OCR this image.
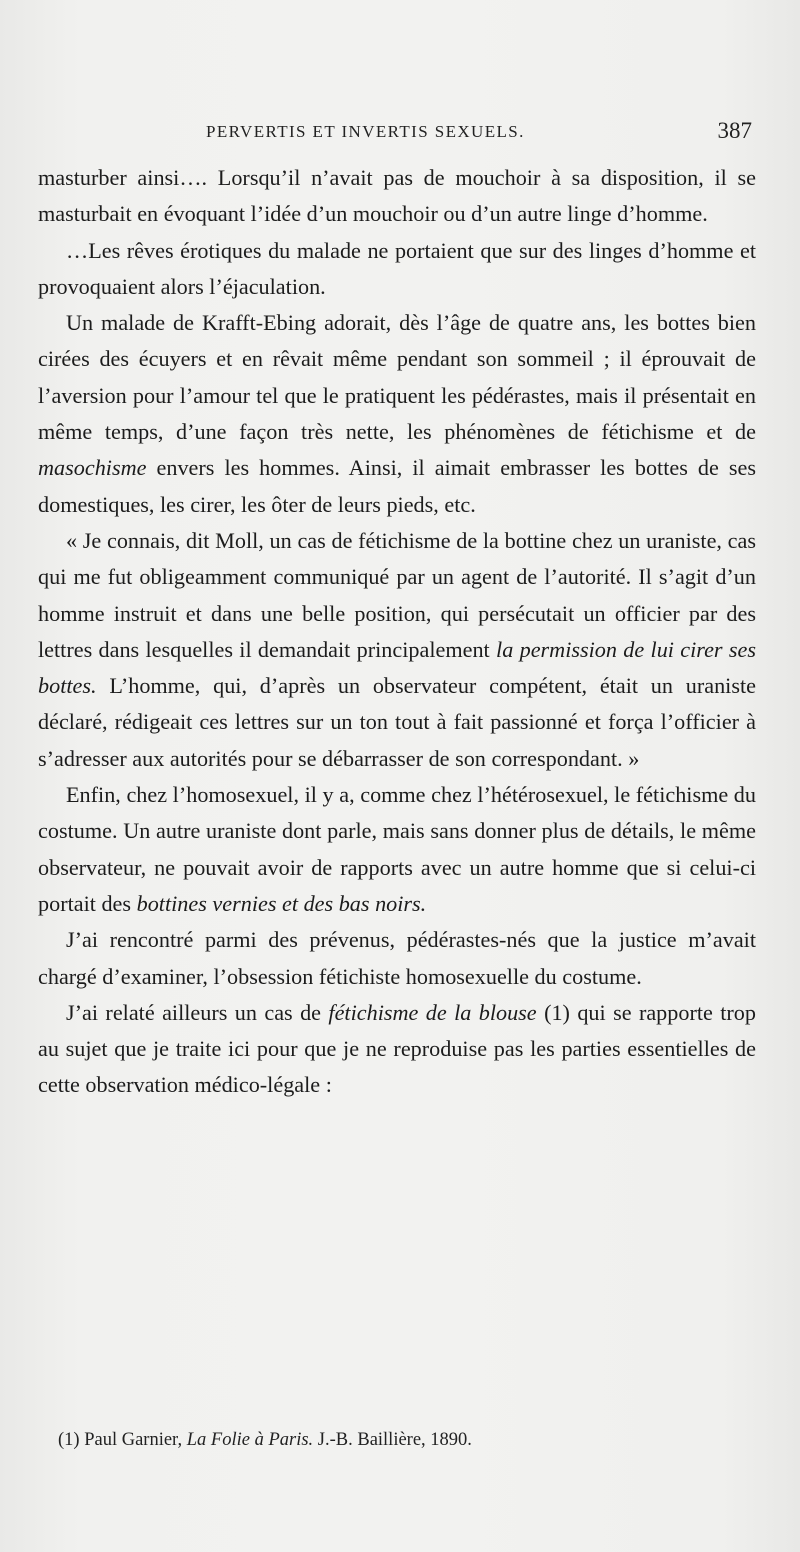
PERVERTIS ET INVERTIS SEXUELS.	387

masturber ainsi…. Lorsqu’il n’avait pas de mouchoir à sa disposition, il se masturbait en évoquant l’idée d’un mouchoir ou d’un autre linge d’homme.

…Les rêves érotiques du malade ne portaient que sur des linges d’homme et provoquaient alors l’éjaculation.

Un malade de Krafft-Ebing adorait, dès l’âge de quatre ans, les bottes bien cirées des écuyers et en rêvait même pendant son sommeil ; il éprouvait de l’aversion pour l’amour tel que le pratiquent les pédérastes, mais il présentait en même temps, d’une façon très nette, les phénomènes de fétichisme et de masochisme envers les hommes. Ainsi, il aimait embrasser les bottes de ses domestiques, les cirer, les ôter de leurs pieds, etc.

« Je connais, dit Moll, un cas de fétichisme de la bottine chez un uraniste, cas qui me fut obligeamment communiqué par un agent de l’autorité. Il s’agit d’un homme instruit et dans une belle position, qui persécutait un officier par des lettres dans lesquelles il demandait principalement la permission de lui cirer ses bottes. L’homme, qui, d’après un observateur compétent, était un uraniste déclaré, rédigeait ces lettres sur un ton tout à fait passionné et força l’officier à s’adresser aux autorités pour se débarrasser de son correspondant. »

Enfin, chez l’homosexuel, il y a, comme chez l’hétérosexuel, le fétichisme du costume. Un autre uraniste dont parle, mais sans donner plus de détails, le même observateur, ne pouvait avoir de rapports avec un autre homme que si celui-ci portait des bottines vernies et des bas noirs.

J’ai rencontré parmi des prévenus, pédérastes-nés que la justice m’avait chargé d’examiner, l’obsession fétichiste homosexuelle du costume.

J’ai relaté ailleurs un cas de fétichisme de la blouse (1) qui se rapporte trop au sujet que je traite ici pour que je ne reproduise pas les parties essentielles de cette observation médico-légale :

(1) Paul Garnier, La Folie à Paris. J.-B. Baillière, 1890.
